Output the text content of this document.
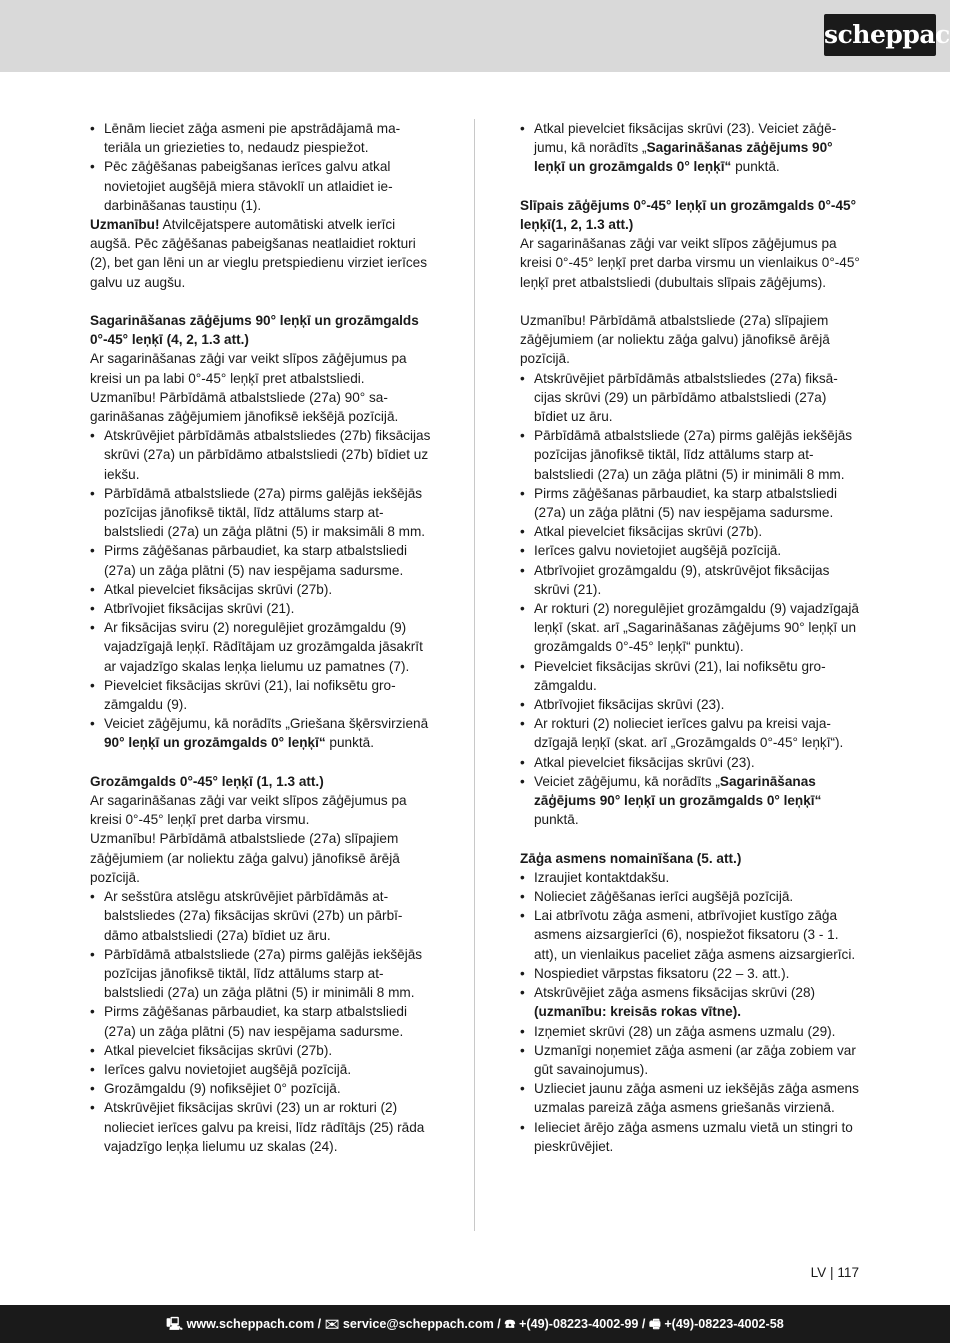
scheppach
• Lēnām lieciet zāģa asmeni pie apstrādājamā materiāla un griezieties to, nedaudz piespiežot.
• Pēc zāģēšanas pabeigšanas ierīces galvu atkal novietojiet augšējā miera stāvoklī un atlaidiet iedarbināšanas taustiņu (1).

Uzmanību! Atvilcējatspere automātiski atvelk ierīci augšā. Pēc zāģēšanas pabeigšanas neatlaidiet rokturi (2), bet gan lēni un ar vieglu pretspiedienu virziet ierīces galvu uz augšu.

Sagarināšanas zāģējums 90° leņķī un grozāmgalds 0°-45° leņķī (4, 2, 1.3 att.)

Ar sagarināšanas zāģi var veikt slīpos zāģējumus pa kreisi un pa labi 0°-45° leņķī pret atbalstsliedi.

Uzmanību! Pārbīdāmā atbalstsliede (27a) 90° sagarināšanas zāģējumiem jānofiksē iekšējā pozīcijā.

• Atskrūvējiet pārbīdāmās atbalstsliedes (27b) fiksācijas skrūvi (27a) un pārbīdāmo atbalstsliedi (27b) bīdiet uz iekšu.
• Pārbīdāmā atbalstsliede (27a) pirms galējās iekšējās pozīcijas jānofiksē tiktāl, līdz attālums starp atbalstsliedi (27a) un zāģa plātni (5) ir maksimāli 8 mm.
• Pirms zāģēšanas pārbaudiet, ka starp atbalstsliedi (27a) un zāģa plātni (5) nav iespējama sadursme.
• Atkal pievelciet fiksācijas skrūvi (27b).
• Atbrīvojiet fiksācijas skrūvi (21).
• Ar fiksācijas sviru (2) noregulējiet grozāmgaldu (9) vajadzīgajā leņķī. Rādītājam uz grozāmgalda jāsakrīt ar vajadzīgo skalas leņķa lielumu uz pamatnes (7).
• Pievelciet fiksācijas skrūvi (21), lai nofiksētu grozāmgaldu (9).
• Veiciet zāģējumu, kā norādīts „Griešana šķērsvirzienā 90° leņķī un grozāmgalds 0° leņķī“ punktā.

Grozāmgalds 0°-45° leņķī (1, 1.3 att.)

Ar sagarināšanas zāģi var veikt slīpos zāģējumus pa kreisi 0°-45° leņķī pret darba virsmu.

Uzmanību! Pārbīdāmā atbalstsliede (27a) slīpajiem zāģējumiem (ar noliektu zāģa galvu) jānofiksē ārējā pozīcijā.

• Ar sešstūra atslēgu atskrūvējiet pārbīdāmās atbalstsliedes (27a) fiksācijas skrūvi (27b) un pārbīdāmo atbalstsliedi (27a) bīdiet uz āru.
• Pārbīdāmā atbalstsliede (27a) pirms galējās iekšējās pozīcijas jānofiksē tiktāl, līdz attālums starp atbalstsliedi (27a) un zāģa plātni (5) ir minimāli 8 mm.
• Pirms zāģēšanas pārbaudiet, ka starp atbalstsliedi (27a) un zāģa plātni (5) nav iespējama sadursme.
• Atkal pievelciet fiksācijas skrūvi (27b).
• Ierīces galvu novietojiet augšējā pozīcijā.
• Grozāmgaldu (9) nofiksējiet 0° pozīcijā.
• Atskrūvējiet fiksācijas skrūvi (23) un ar rokturi (2) nolieciet ierīces galvu pa kreisi, līdz rādītājs (25) rāda vajadzīgo leņķa lielumu uz skalas (24).
• Atkal pievelciet fiksācijas skrūvi (23). Veiciet zāģējumu, kā norādīts „Sagarināšanas zāģējums 90° leņķī un grozāmgalds 0° leņķī“ punktā.

Slīpais zāģējums 0°-45° leņķī un grozāmgalds 0°-45° leņķī(1, 2, 1.3 att.)

Ar sagarināšanas zāģi var veikt slīpos zāģējumus pa kreisi 0°-45° leņķī pret darba virsmu un vienlaikus 0°-45° leņķī pret atbalstsliedi (dubultais slīpais zāģējums).

Uzmanību! Pārbīdāmā atbalstsliede (27a) slīpajiem zāģējumiem (ar noliektu zāģa galvu) jānofiksē ārējā pozīcijā.

• Atskrūvējiet pārbīdāmās atbalstsliedes (27a) fiksācijas skrūvi (29) un pārbīdāmo atbalstsliedi (27a) bīdiet uz āru.
• Pārbīdāmā atbalstsliede (27a) pirms galējās iekšējās pozīcijas jānofiksē tiktāl, līdz attālums starp atbalstsliedi (27a) un zāģa plātni (5) ir minimāli 8 mm.
• Pirms zāģēšanas pārbaudiet, ka starp atbalstsliedi (27a) un zāģa plātni (5) nav iespējama sadursme.
• Atkal pievelciet fiksācijas skrūvi (27b).
• Ierīces galvu novietojiet augšējā pozīcijā.
• Atbrīvojiet grozāmgaldu (9), atskrūvējot fiksācijas skrūvi (21).
• Ar rokturi (2) noregulējiet grozāmgaldu (9) vajadzīgajā leņķī (skat. arī „Sagarināšanas zāģējums 90° leņķī un grozāmgalds 0°-45° leņķī“ punktu).
• Pievelciet fiksācijas skrūvi (21), lai nofiksētu grozāmgaldu.
• Atbrīvojiet fiksācijas skrūvi (23).
• Ar rokturi (2) nolieciet ierīces galvu pa kreisi vajadzīgajā leņķī (skat. arī „Grozāmgalds 0°-45° leņķī“).
• Atkal pievelciet fiksācijas skrūvi (23).
• Veiciet zāģējumu, kā norādīts „Sagarināšanas zāģējums 90° leņķī un grozāmgalds 0° leņķī“ punktā.

Zāģa asmens nomainīšana (5. att.)

• Izraujiet kontaktdakšu.
• Nolieciet zāģēšanas ierīci augšējā pozīcijā.
• Lai atbrīvotu zāģa asmeni, atbrīvojiet kustīgo zāģa asmens aizsargierīci (6), nospiežot fiksatoru (3 - 1. att), un vienlaikus paceliet zāģa asmens aizsargierīci.
• Nospiediet vārpstas fiksatoru (22 – 3. att.).
• Atskrūvējiet zāģa asmens fiksācijas skrūvi (28) (uzmanību: kreisās rokas vītne).
• Izņemiet skrūvi (28) un zāģa asmens uzmalu (29).
• Uzmanīgi noņemiet zāģa asmeni (ar zāģa zobiem var gūt savainojumus).
• Uzlieciet jaunu zāģa asmeni uz iekšējās zāģa asmens uzmalas pareizā zāģa asmens griešanās virzienā.
• Ielieciet ārējo zāģa asmens uzmalu vietā un stingri to pieskrūvējiet.
LV | 117
🖳 www.scheppach.com / ✉ service@scheppach.com / ☎ +(49)-08223-4002-99 / 🖷 +(49)-08223-4002-58
